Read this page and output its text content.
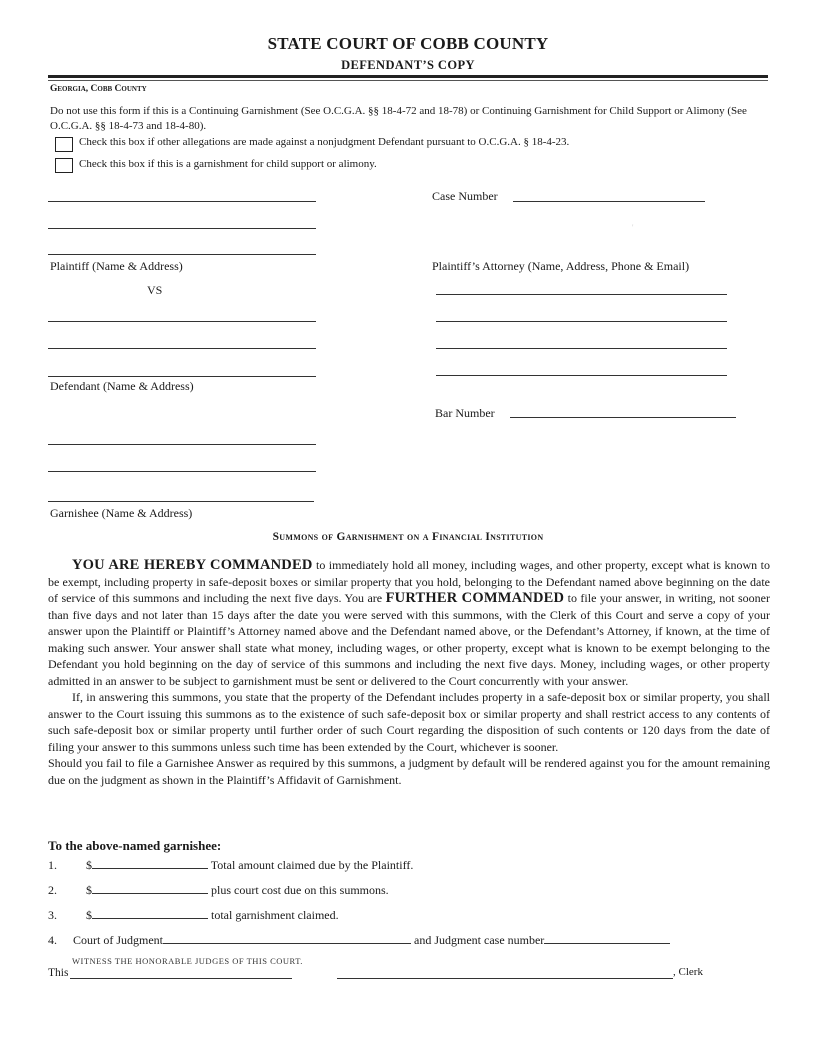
STATE COURT OF COBB COUNTY
DEFENDANT’S COPY
Georgia, Cobb County
Do not use this form if this is a Continuing Garnishment (See O.C.G.A. §§ 18-4-72 and 18-78) or Continuing Garnishment for Child Support or Alimony (See O.C.G.A. §§ 18-4-73 and 18-4-80).
Check this box if other allegations are made against a nonjudgment Defendant pursuant to O.C.G.A. § 18-4-23.
Check this box if this is a garnishment for child support or alimony.
Plaintiff (Name & Address)
VS
Defendant (Name & Address)
Garnishee (Name & Address)
Case Number
'
Plaintiff’s Attorney (Name, Address, Phone & Email)
Bar Number
Summons of Garnishment on a Financial Institution

YOU ARE HEREBY COMMANDED to immediately hold all money, including wages, and other property, except what is known to be exempt, including property in safe-deposit boxes or similar property that you hold, belonging to the Defendant named above beginning on the date of service of this summons and including the next five days. You are FURTHER COMMANDED to file your answer, in writing, not sooner than five days and not later than 15 days after the date you were served with this summons, with the Clerk of this Court and serve a copy of your answer upon the Plaintiff or Plaintiff’s Attorney named above and the Defendant named above, or the Defendant’s Attorney, if known, at the time of making such answer. Your answer shall state what money, including wages, or other property, except what is known to be exempt belonging to the Defendant you hold beginning on the day of service of this summons and including the next five days. Money, including wages, or other property admitted in an answer to be subject to garnishment must be sent or delivered to the Court concurrently with your answer.

If, in answering this summons, you state that the property of the Defendant includes property in a safe-deposit box or similar property, you shall answer to the Court issuing this summons as to the existence of such safe-deposit box or similar property and shall restrict access to any contents of such safe-deposit box or similar property until further order of such Court regarding the disposition of such contents or 120 days from the date of filing your answer to this summons unless such time has been extended by the Court, whichever is sooner.

Should you fail to file a Garnishee Answer as required by this summons, a judgment by default will be rendered against you for the amount remaining due on the judgment as shown in the Plaintiff’s Affidavit of Garnishment.

To the above-named garnishee:
1. $	Total amount claimed due by the Plaintiff.
2. $	plus court cost due on this summons.
3. $	total garnishment claimed.
4. Court of Judgment	and Judgment case number
WITNESS THE HONORABLE JUDGES OF THIS COURT.
This	, Clerk
